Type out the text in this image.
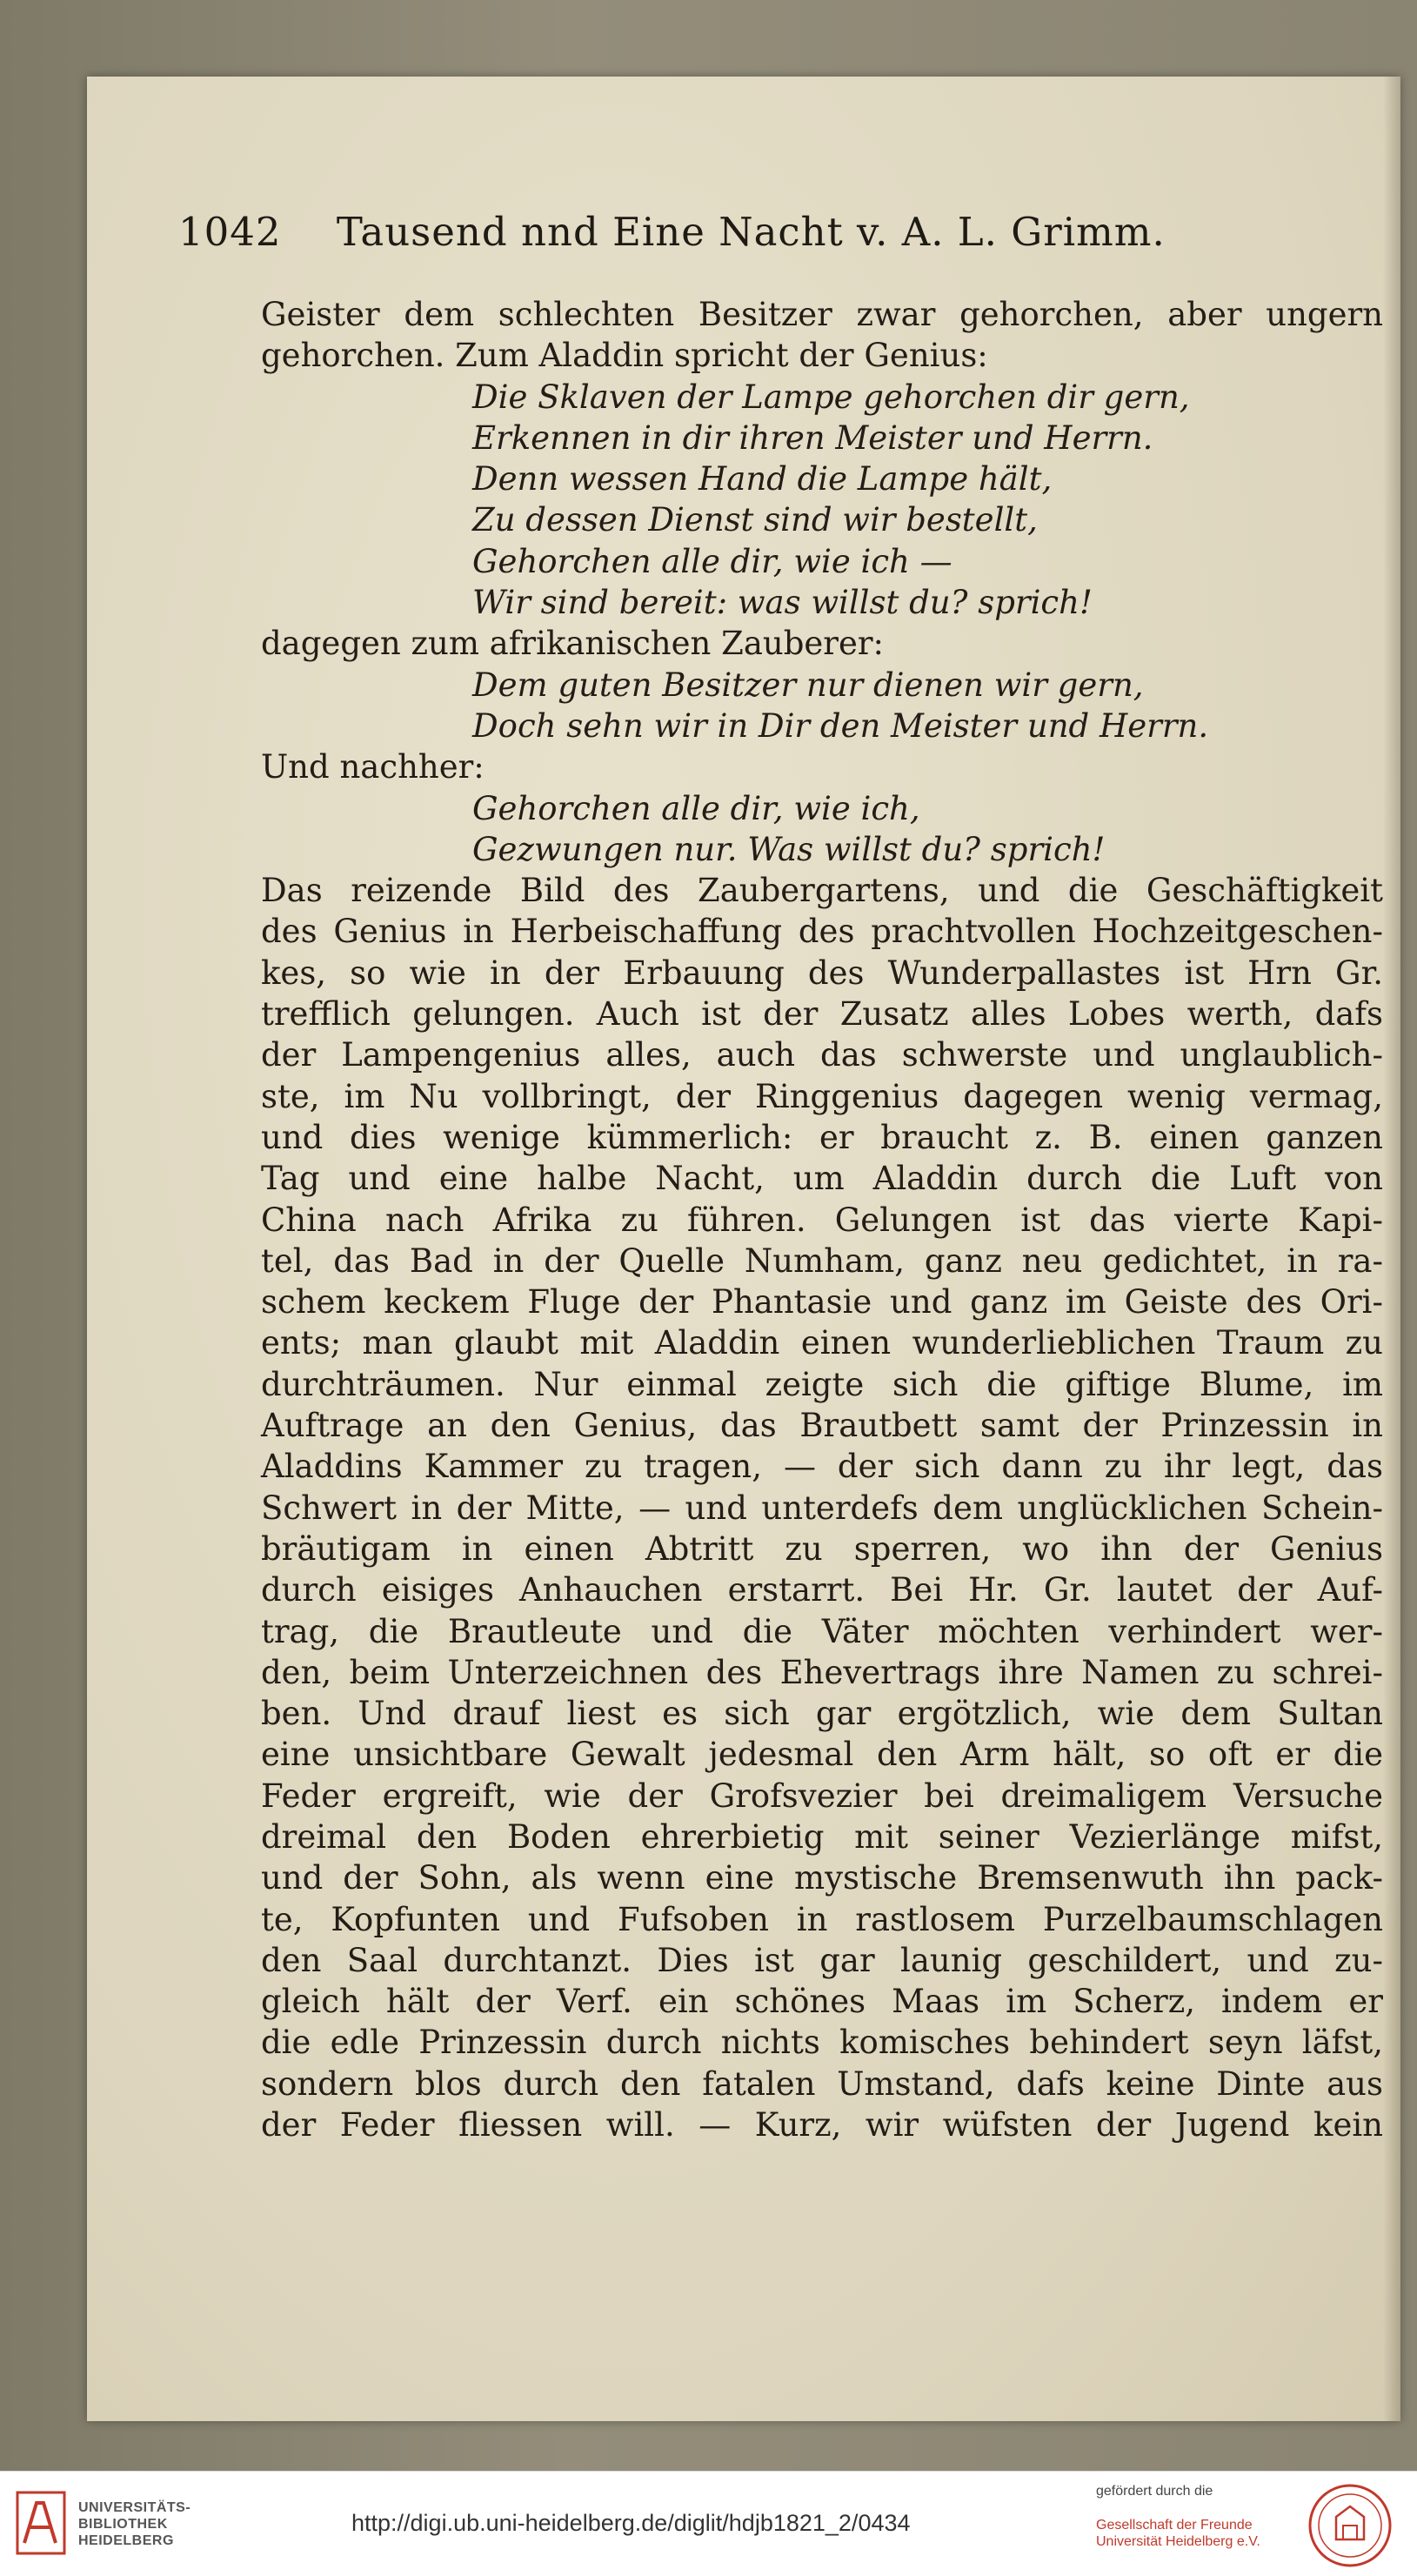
1042 Tausend nnd Eine Nacht v. A. L. Grimm.
Geister dem schlechten Besitzer zwar gehorchen, aber ungern
gehorchen. Zum Aladdin spricht der Genius:
Die Sklaven der Lampe gehorchen dir gern,
Erkennen in dir ihren Meister und Herrn.
Denn wessen Hand die Lampe hält,
Zu dessen Dienst sind wir bestellt,
Gehorchen alle dir, wie ich —
Wir sind bereit: was willst du? sprich!
dagegen zum afrikanischen Zauberer:
Dem guten Besitzer nur dienen wir gern,
Doch sehn wir in Dir den Meister und Herrn.
Und nachher:
Gehorchen alle dir, wie ich,
Gezwungen nur. Was willst du? sprich!
Das reizende Bild des Zaubergartens, und die Geschäftigkeit
des Genius in Herbeischaffung des prachtvollen Hochzeitgeschen-
kes, so wie in der Erbauung des Wunderpallastes ist Hrn Gr.
trefflich gelungen. Auch ist der Zusatz alles Lobes werth, dafs
der Lampengenius alles, auch das schwerste und unglaublich-
ste, im Nu vollbringt, der Ringgenius dagegen wenig vermag,
und dies wenige kümmerlich: er braucht z. B. einen ganzen
Tag und eine halbe Nacht, um Aladdin durch die Luft von
China nach Afrika zu führen. Gelungen ist das vierte Kapi-
tel, das Bad in der Quelle Numham, ganz neu gedichtet, in ra-
schem keckem Fluge der Phantasie und ganz im Geiste des Ori-
ents; man glaubt mit Aladdin einen wunderlieblichen Traum zu
durchträumen. Nur einmal zeigte sich die giftige Blume, im
Auftrage an den Genius, das Brautbett samt der Prinzessin in
Aladdins Kammer zu tragen, — der sich dann zu ihr legt, das
Schwert in der Mitte, — und unterdefs dem unglücklichen Schein-
bräutigam in einen Abtritt zu sperren, wo ihn der Genius
durch eisiges Anhauchen erstarrt. Bei Hr. Gr. lautet der Auf-
trag, die Brautleute und die Väter möchten verhindert wer-
den, beim Unterzeichnen des Ehevertrags ihre Namen zu schrei-
ben. Und drauf liest es sich gar ergötzlich, wie dem Sultan
eine unsichtbare Gewalt jedesmal den Arm hält, so oft er die
Feder ergreift, wie der Grofsvezier bei dreimaligem Versuche
dreimal den Boden ehrerbietig mit seiner Vezierlänge mifst,
und der Sohn, als wenn eine mystische Bremsenwuth ihn pack-
te, Kopfunten und Fufsoben in rastlosem Purzelbaumschlagen
den Saal durchtanzt. Dies ist gar launig geschildert, und zu-
gleich hält der Verf. ein schönes Maas im Scherz, indem er
die edle Prinzessin durch nichts komisches behindert seyn läfst,
sondern blos durch den fatalen Umstand, dafs keine Dinte aus
der Feder fliessen will. — Kurz, wir wüfsten der Jugend kein
UNIVERSITÄTS-
BIBLIOTHEK
HEIDELBERG
http://digi.ub.uni-heidelberg.de/diglit/hdjb1821_2/0434
gefördert durch die
Gesellschaft der Freunde
Universität Heidelberg e.V.
